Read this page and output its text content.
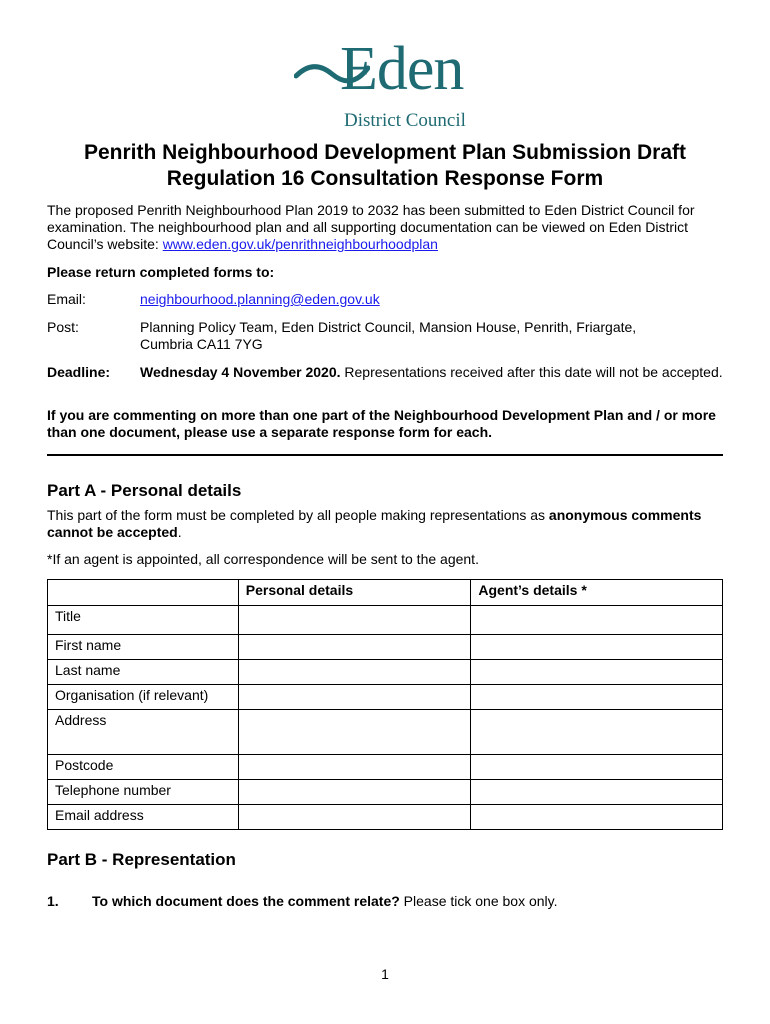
Eden
District Council
Penrith Neighbourhood Development Plan Submission Draft
Regulation 16 Consultation Response Form

The proposed Penrith Neighbourhood Plan 2019 to 2032 has been submitted to Eden District Council for examination. The neighbourhood plan and all supporting documentation can be viewed on Eden District Council’s website: www.eden.gov.uk/penrithneighbourhoodplan

Please return completed forms to:

Email:	neighbourhood.planning@eden.gov.uk
Post:	Planning Policy Team, Eden District Council, Mansion House, Penrith, Friargate,
Cumbria CA11 7YG
Deadline: Wednesday 4 November 2020. Representations received after this date will not be accepted.

If you are commenting on more than one part of the Neighbourhood Development Plan and / or more than one document, please use a separate response form for each.

Part A - Personal details

This part of the form must be completed by all people making representations as anonymous comments cannot be accepted.

*If an agent is appointed, all correspondence will be sent to the agent.

	Personal details	Agent’s details *
Title		
First name		
Last name		
Organisation (if relevant)		
Address		
Postcode		
Telephone number		
Email address		
Part B - Representation
1. To which document does the comment relate? Please tick one box only.
1
